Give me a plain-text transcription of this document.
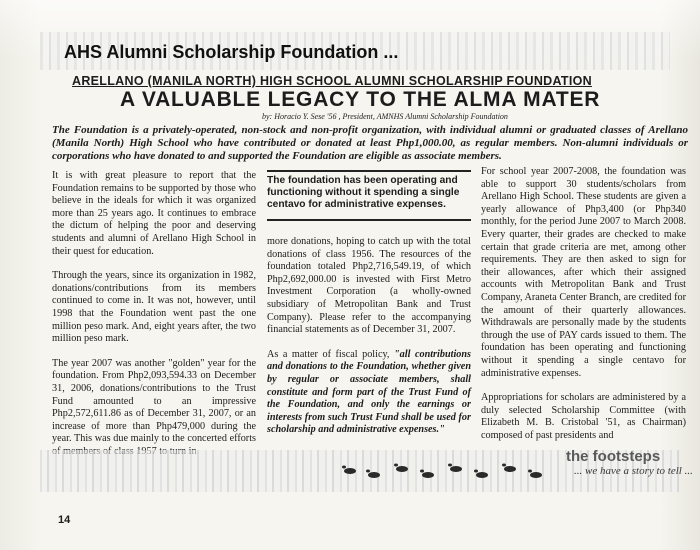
AHS Alumni Scholarship Foundation ...
ARELLANO (MANILA NORTH) HIGH SCHOOL ALUMNI SCHOLARSHIP FOUNDATION
A VALUABLE LEGACY TO THE ALMA MATER
by: Horacio Y. Sese '56 , President, AMNHS Alumni Scholarship Foundation
The Foundation is a privately-operated, non-stock and non-profit organization, with individual alumni or graduated classes of Arellano (Manila North) High School who have contributed or donated at least Php1,000.00, as regular members. Non-alumni individuals or corporations who have donated to and supported the Foundation are eligible as associate members.

It is with great pleasure to report that the Foundation remains to be supported by those who believe in the ideals for which it was organized more than 25 years ago. It continues to embrace the dictum of helping the poor and deserving students and alumni of Arellano High School in their quest for education.

Through the years, since its organization in 1982, donations/contributions from its members continued to come in. It was not, however, until 1998 that the Foundation went past the one million peso mark. And, eight years after, the two million peso mark.

The year 2007 was another "golden" year for the foundation. From Php2,093,594.33 on December 31, 2006, donations/contributions to the Trust Fund amounted to an impressive Php2,572,611.86 as of December 31, 2007, or an increase of more than Php479,000 during the year. This was due mainly to the concerted efforts

The foundation has been operating and functioning without it spending a single centavo for administrative expenses.

more donations, hoping to catch up with the total donations of class 1956. The resources of the foundation totaled Php2,716,549.19, of which Php2,692,000.00 is invested with First Metro Investment Corporation (a wholly-owned subsidiary of Metropolitan Bank and Trust Company). Please refer to the accompanying financial statements as of December 31, 2007.

As a matter of fiscal policy, "all contributions and donations to the Foundation, whether given by regular or associate members, shall constitute and form part of the Trust Fund of the Foundation, and only the earnings or interests from such Trust Fund shall be used for scholarship and administrative expenses."

For school year 2007-2008, the foundation was able to support 30 students/scholars from Arellano High School. These students are given a yearly allowance of Php3,400 (or Php340 monthly, for the period June 2007 to March 2008. Every quarter, their grades are checked to make certain that grade criteria are met, among other requirements. They are then asked to sign for their allowances, after which their assigned accounts with Metropolitan Bank and Trust Company, Araneta Center Branch, are credited for the amount of their quarterly allowances. Withdrawals are personally made by the students through the use of PAY cards issued to them. The foundation has been operating and functioning without it spending a single centavo for administrative expenses.

Appropriations for scholars are administered by a duly selected Scholarship Committee (with Elizabeth M. B. Cristobal '51, as Chairman) composed of past presidents and

the footsteps
... we have a story to tell ...
14
